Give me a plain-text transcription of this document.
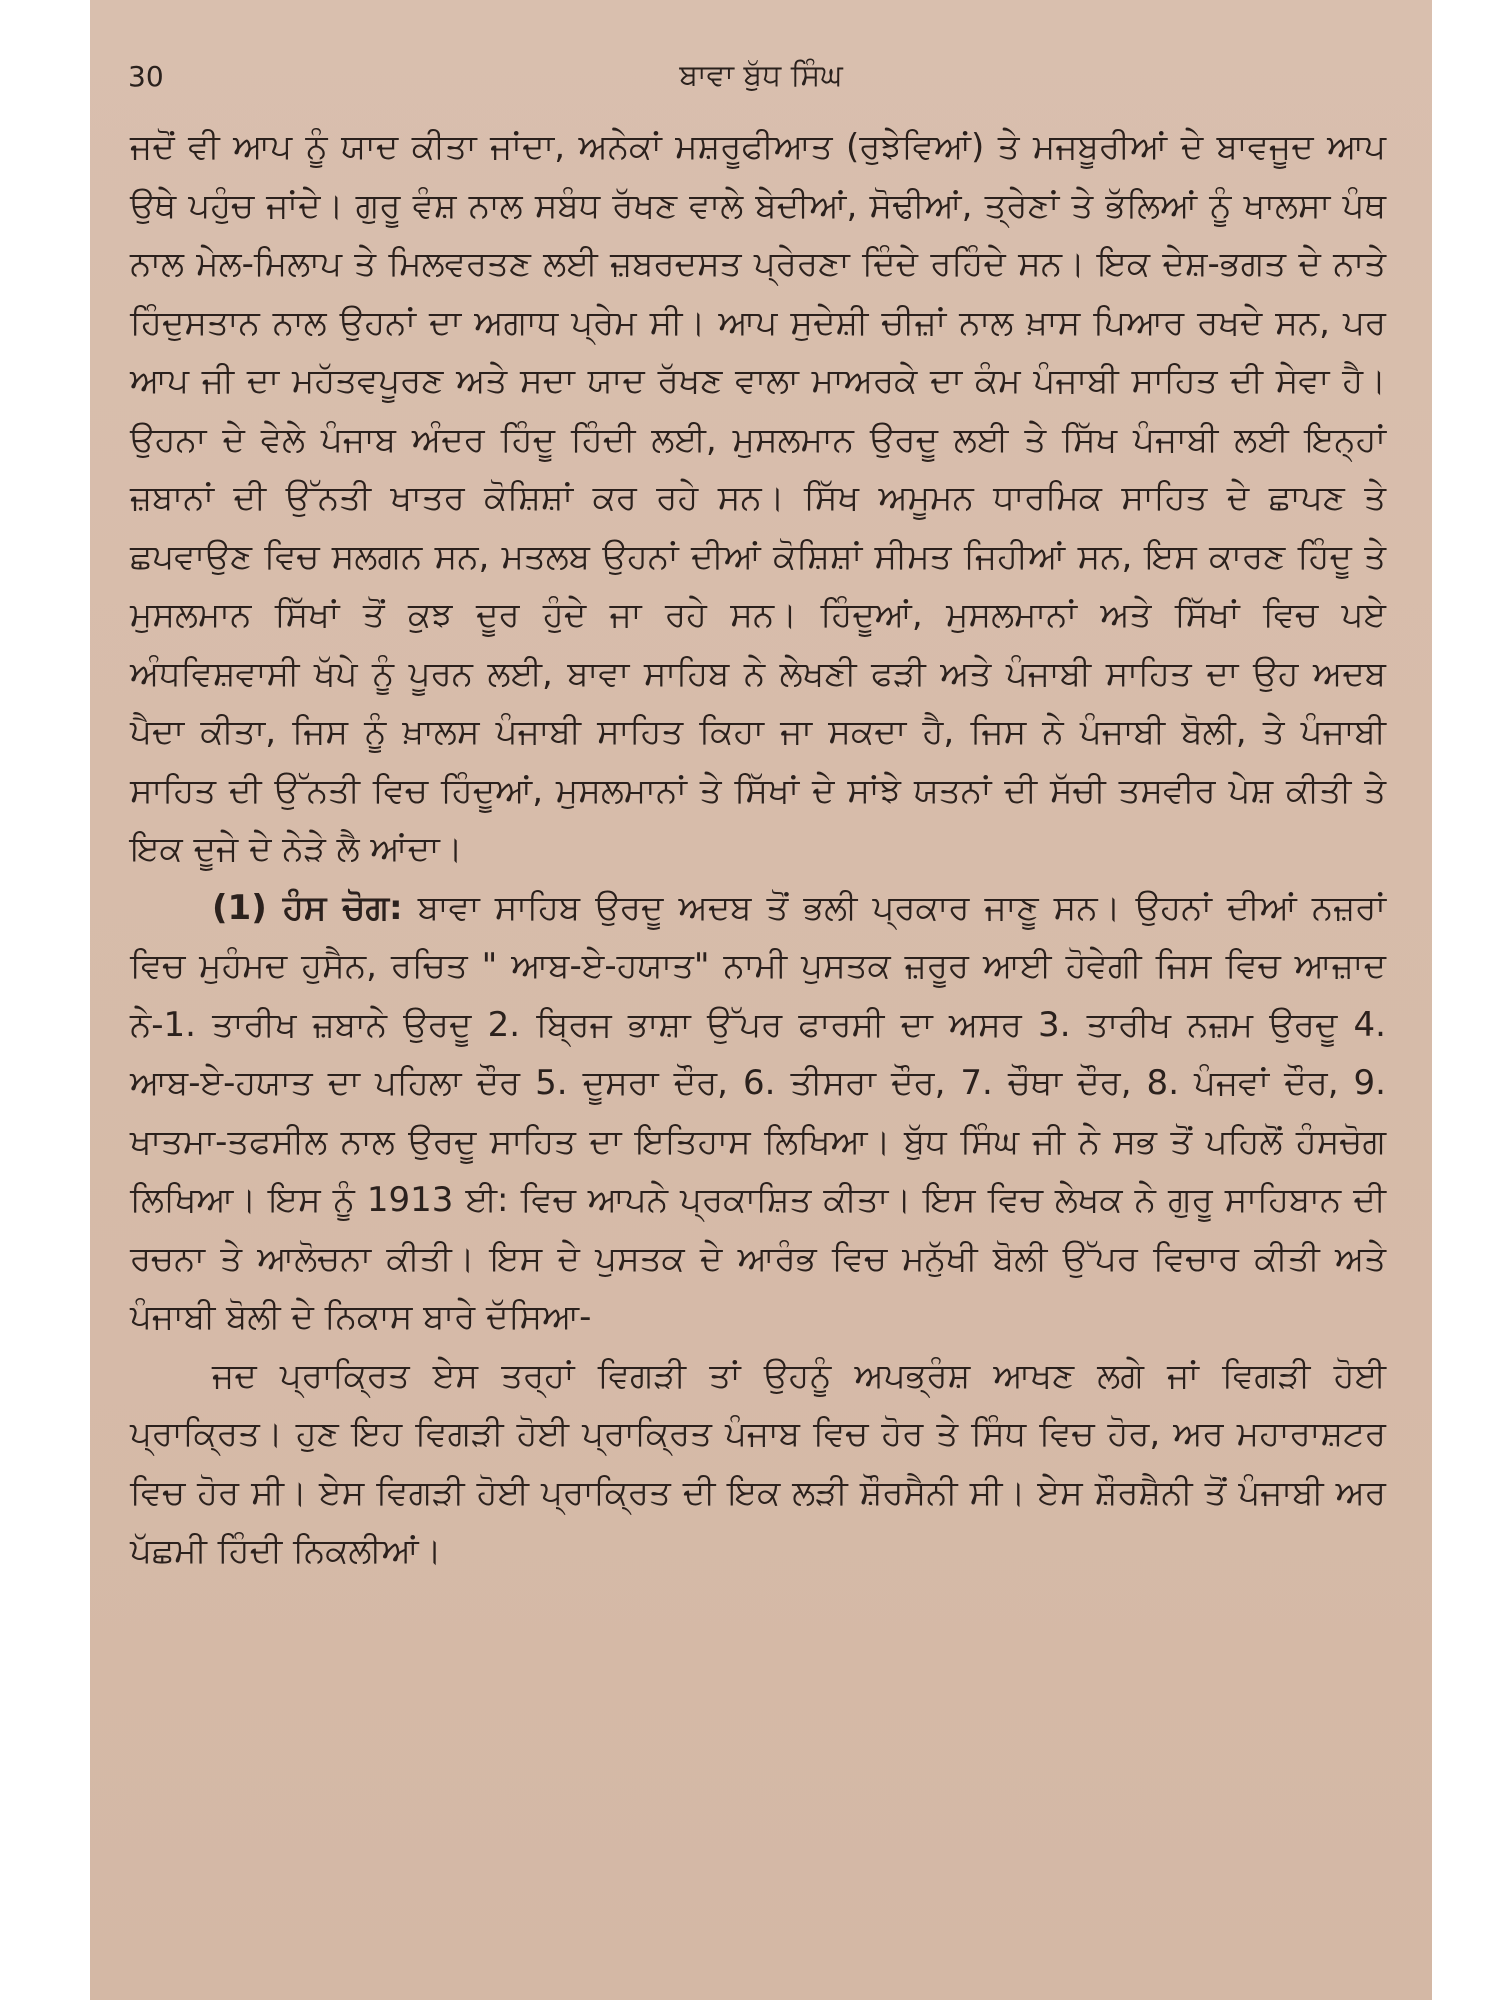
30	ਬਾਵਾ ਬੁੱਧ ਸਿੰਘ

ਜਦੋਂ ਵੀ ਆਪ ਨੂੰ ਯਾਦ ਕੀਤਾ ਜਾਂਦਾ, ਅਨੇਕਾਂ ਮਸ਼ਰੂਫੀਆਤ (ਰੁਝੇਵਿਆਂ) ਤੇ ਮਜਬੂਰੀਆਂ ਦੇ ਬਾਵਜੂਦ ਆਪ ਉਥੇ ਪਹੁੰਚ ਜਾਂਦੇ। ਗੁਰੂ ਵੰਸ਼ ਨਾਲ ਸਬੰਧ ਰੱਖਣ ਵਾਲੇ ਬੇਦੀਆਂ, ਸੋਢੀਆਂ, ਤ੍ਰੇਣਾਂ ਤੇ ਭੱਲਿਆਂ ਨੂੰ ਖਾਲਸਾ ਪੰਥ ਨਾਲ ਮੇਲ-ਮਿਲਾਪ ਤੇ ਮਿਲਵਰਤਣ ਲਈ ਜ਼ਬਰਦਸਤ ਪ੍ਰੇਰਣਾ ਦਿੰਦੇ ਰਹਿੰਦੇ ਸਨ। ਇਕ ਦੇਸ਼-ਭਗਤ ਦੇ ਨਾਤੇ ਹਿੰਦੁਸਤਾਨ ਨਾਲ ਉਹਨਾਂ ਦਾ ਅਗਾਧ ਪ੍ਰੇਮ ਸੀ। ਆਪ ਸੁਦੇਸ਼ੀ ਚੀਜ਼ਾਂ ਨਾਲ ਖ਼ਾਸ ਪਿਆਰ ਰਖਦੇ ਸਨ, ਪਰ ਆਪ ਜੀ ਦਾ ਮਹੱਤਵਪੂਰਣ ਅਤੇ ਸਦਾ ਯਾਦ ਰੱਖਣ ਵਾਲਾ ਮਾਅਰਕੇ ਦਾ ਕੰਮ ਪੰਜਾਬੀ ਸਾਹਿਤ ਦੀ ਸੇਵਾ ਹੈ। ਉਹਨਾ ਦੇ ਵੇਲੇ ਪੰਜਾਬ ਅੰਦਰ ਹਿੰਦੂ ਹਿੰਦੀ ਲਈ, ਮੁਸਲਮਾਨ ਉਰਦੂ ਲਈ ਤੇ ਸਿੱਖ ਪੰਜਾਬੀ ਲਈ ਇਨ੍ਹਾਂ ਜ਼ਬਾਨਾਂ ਦੀ ਉੱਨਤੀ ਖਾਤਰ ਕੋਸ਼ਿਸ਼ਾਂ ਕਰ ਰਹੇ ਸਨ। ਸਿੱਖ ਅਮੂਮਨ ਧਾਰਮਿਕ ਸਾਹਿਤ ਦੇ ਛਾਪਣ ਤੇ ਛਪਵਾਉਣ ਵਿਚ ਸਲਗਨ ਸਨ, ਮਤਲਬ ਉਹਨਾਂ ਦੀਆਂ ਕੋਸ਼ਿਸ਼ਾਂ ਸੀਮਤ ਜਿਹੀਆਂ ਸਨ, ਇਸ ਕਾਰਣ ਹਿੰਦੂ ਤੇ ਮੁਸਲਮਾਨ ਸਿੱਖਾਂ ਤੋਂ ਕੁਝ ਦੂਰ ਹੁੰਦੇ ਜਾ ਰਹੇ ਸਨ। ਹਿੰਦੂਆਂ, ਮੁਸਲਮਾਨਾਂ ਅਤੇ ਸਿੱਖਾਂ ਵਿਚ ਪਏ ਅੰਧਵਿਸ਼ਵਾਸੀ ਖੱਪੇ ਨੂੰ ਪੂਰਨ ਲਈ, ਬਾਵਾ ਸਾਹਿਬ ਨੇ ਲੇਖਣੀ ਫੜੀ ਅਤੇ ਪੰਜਾਬੀ ਸਾਹਿਤ ਦਾ ਉਹ ਅਦਬ ਪੈਦਾ ਕੀਤਾ, ਜਿਸ ਨੂੰ ਖ਼ਾਲਸ ਪੰਜਾਬੀ ਸਾਹਿਤ ਕਿਹਾ ਜਾ ਸਕਦਾ ਹੈ, ਜਿਸ ਨੇ ਪੰਜਾਬੀ ਬੋਲੀ, ਤੇ ਪੰਜਾਬੀ ਸਾਹਿਤ ਦੀ ਉੱਨਤੀ ਵਿਚ ਹਿੰਦੂਆਂ, ਮੁਸਲਮਾਨਾਂ ਤੇ ਸਿੱਖਾਂ ਦੇ ਸਾਂਝੇ ਯਤਨਾਂ ਦੀ ਸੱਚੀ ਤਸਵੀਰ ਪੇਸ਼ ਕੀਤੀ ਤੇ ਇਕ ਦੂਜੇ ਦੇ ਨੇੜੇ ਲੈ ਆਂਦਾ।

(1) ਹੰਸ ਚੋਗ: ਬਾਵਾ ਸਾਹਿਬ ਉਰਦੂ ਅਦਬ ਤੋਂ ਭਲੀ ਪ੍ਰਕਾਰ ਜਾਣੂ ਸਨ। ਉਹਨਾਂ ਦੀਆਂ ਨਜ਼ਰਾਂ ਵਿਚ ਮੁਹੰਮਦ ਹੁਸੈਨ, ਰਚਿਤ " ਆਬ-ਏ-ਹਯਾਤ" ਨਾਮੀ ਪੁਸਤਕ ਜ਼ਰੂਰ ਆਈ ਹੋਵੇਗੀ ਜਿਸ ਵਿਚ ਆਜ਼ਾਦ ਨੇ-1. ਤਾਰੀਖ ਜ਼ਬਾਨੇ ਉਰਦੂ 2. ਬ੍ਰਿਜ ਭਾਸ਼ਾ ਉੱਪਰ ਫਾਰਸੀ ਦਾ ਅਸਰ 3. ਤਾਰੀਖ ਨਜ਼ਮ ਉਰਦੂ 4. ਆਬ-ਏ-ਹਯਾਤ ਦਾ ਪਹਿਲਾ ਦੌਰ 5. ਦੂਸਰਾ ਦੌਰ, 6. ਤੀਸਰਾ ਦੌਰ, 7. ਚੌਥਾ ਦੌਰ, 8. ਪੰਜਵਾਂ ਦੌਰ, 9. ਖਾਤਮਾ-ਤਫਸੀਲ ਨਾਲ ਉਰਦੂ ਸਾਹਿਤ ਦਾ ਇਤਿਹਾਸ ਲਿਖਿਆ। ਬੁੱਧ ਸਿੰਘ ਜੀ ਨੇ ਸਭ ਤੋਂ ਪਹਿਲੋਂ ਹੰਸਚੋਗ ਲਿਖਿਆ। ਇਸ ਨੂੰ 1913 ਈ: ਵਿਚ ਆਪਨੇ ਪ੍ਰਕਾਸ਼ਿਤ ਕੀਤਾ। ਇਸ ਵਿਚ ਲੇਖਕ ਨੇ ਗੁਰੂ ਸਾਹਿਬਾਨ ਦੀ ਰਚਨਾ ਤੇ ਆਲੋਚਨਾ ਕੀਤੀ। ਇਸ ਦੇ ਪੁਸਤਕ ਦੇ ਆਰੰਭ ਵਿਚ ਮਨੁੱਖੀ ਬੋਲੀ ਉੱਪਰ ਵਿਚਾਰ ਕੀਤੀ ਅਤੇ ਪੰਜਾਬੀ ਬੋਲੀ ਦੇ ਨਿਕਾਸ ਬਾਰੇ ਦੱਸਿਆ-

ਜਦ ਪ੍ਰਾਕ੍ਰਿਤ ਏਸ ਤਰ੍ਹਾਂ ਵਿਗੜੀ ਤਾਂ ਉਹਨੂੰ ਅਪਭ੍ਰੰਸ਼ ਆਖਣ ਲਗੇ ਜਾਂ ਵਿਗੜੀ ਹੋਈ ਪ੍ਰਾਕ੍ਰਿਤ। ਹੁਣ ਇਹ ਵਿਗੜੀ ਹੋਈ ਪ੍ਰਾਕ੍ਰਿਤ ਪੰਜਾਬ ਵਿਚ ਹੋਰ ਤੇ ਸਿੰਧ ਵਿਚ ਹੋਰ, ਅਰ ਮਹਾਰਾਸ਼ਟਰ ਵਿਚ ਹੋਰ ਸੀ। ਏਸ ਵਿਗੜੀ ਹੋਈ ਪ੍ਰਾਕ੍ਰਿਤ ਦੀ ਇਕ ਲੜੀ ਸ਼ੌਰਸੈਨੀ ਸੀ। ਏਸ ਸ਼ੌਰਸ਼ੈਨੀ ਤੋਂ ਪੰਜਾਬੀ ਅਰ ਪੱਛਮੀ ਹਿੰਦੀ ਨਿਕਲੀਆਂ।
